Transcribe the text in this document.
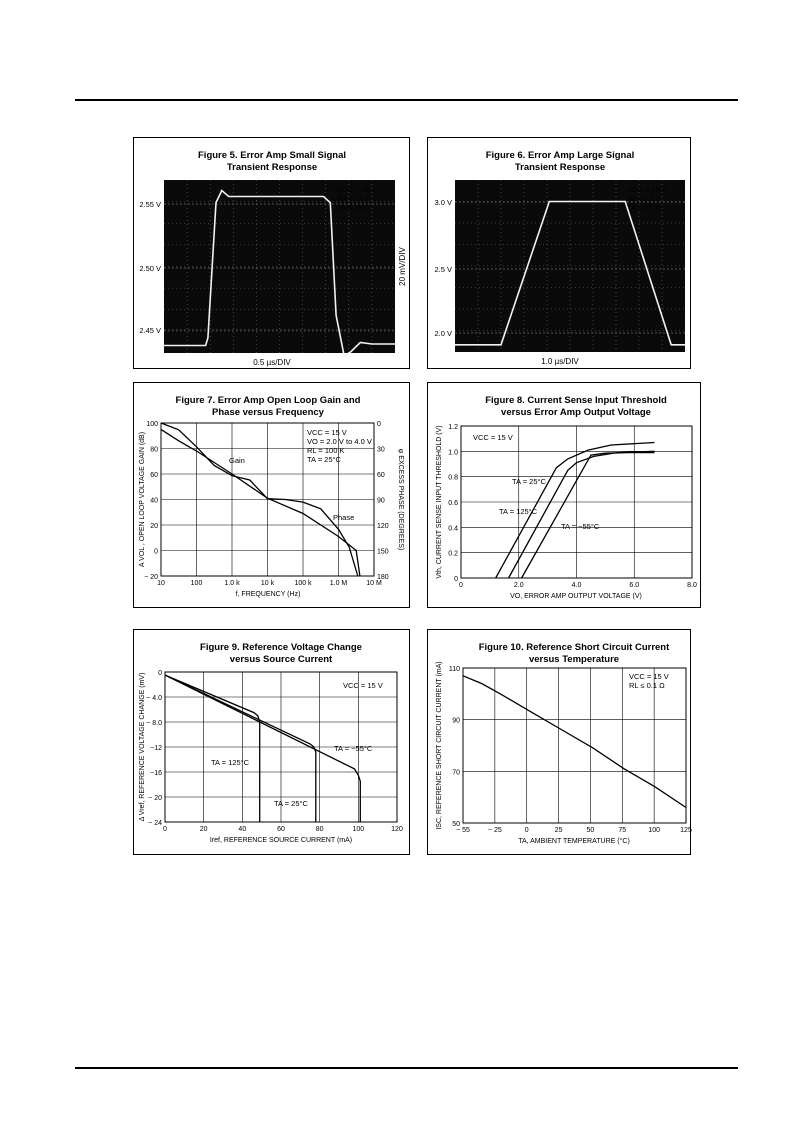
Figure 5. Error Amp Small Signal
Transient Response
2.55 V
2.50 V
2.45 V
VCC = 15 V
AV = −1.0
TA = 25°C
0.5 µs/DIV
20 mV/DIV
Figure 6. Error Amp Large Signal
Transient Response
3.0 V
2.5 V
2.0 V
VCC = 15 V
AV = −1.0
TA = 25°C
1.0 µs/DIV
Figure 7. Error Amp Open Loop Gain and
Phase versus Frequency
10	100	1.0 k	10 k	100 k	1.0 M	10 M
100	0
80	30
60	60
40	90
20	120
0	150
− 20	180
f, FREQUENCY (Hz)
A VOL , OPEN LOOP VOLTAGE GAIN (dB)	φ EXCESS PHASE (DEGREES)
VCC = 15 V
VO = 2.0 V to 4.0 V
RL = 100 K
TA = 25°C
Gain
Phase
Figure 8. Current Sense Input Threshold
versus Error Amp Output Voltage
0	2.0	4.0	6.0	8.0
1.2
1.0
0.8
0.6
0.4
0.2
0
VO, ERROR AMP OUTPUT VOLTAGE (V)
Vth, CURRENT SENSE INPUT THRESHOLD (V)	VCC = 15 V
TA = 25°C
TA = 125°C
TA = −55°C
Figure 9. Reference Voltage Change
versus Source Current
0	20	40	60	80	100	120
0
− 4.0
− 8.0
−12
−16
− 20
− 24
Iref, REFERENCE SOURCE CURRENT (mA)
Δ Vref, REFERENCE VOLTAGE CHANGE (mV)	VCC = 15 V
TA = 125°C
TA = 25°C
TA = −55°C
Figure 10. Reference Short Circuit Current
versus Temperature
− 55	− 25	0	25	50	75	100	125
110
90
70
50
TA, AMBIENT TEMPERATURE (°C)
ISC, REFERENCE SHORT CIRCUIT CURRENT (mA)	VCC = 15 V
RL ≤ 0.1 Ω
